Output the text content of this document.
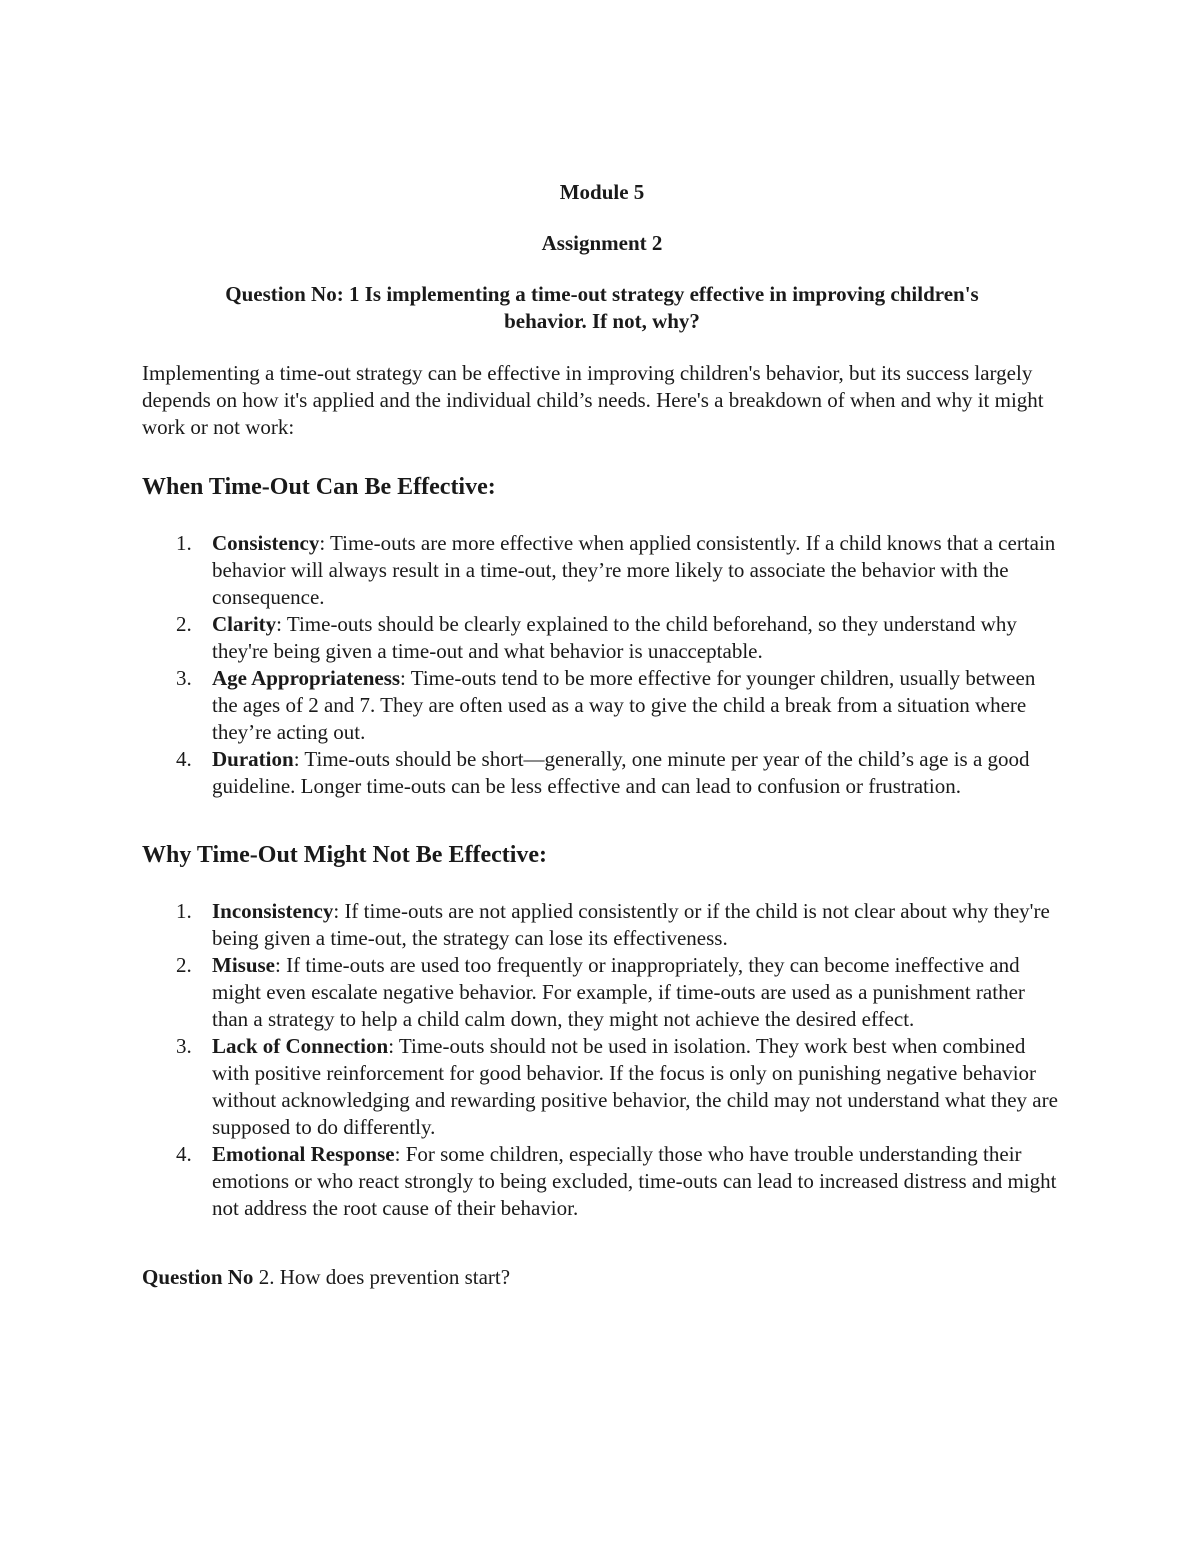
Module 5

Assignment 2

Question No: 1 Is implementing a time-out strategy effective in improving children's
behavior. If not, why?

Implementing a time-out strategy can be effective in improving children's behavior, but its success largely depends on how it's applied and the individual child’s needs. Here's a breakdown of when and why it might work or not work:

When Time-Out Can Be Effective:
1. Consistency: Time-outs are more effective when applied consistently. If a child knows that a certain behavior will always result in a time-out, they’re more likely to associate the behavior with the consequence.
2. Clarity: Time-outs should be clearly explained to the child beforehand, so they understand why they're being given a time-out and what behavior is unacceptable.
3. Age Appropriateness: Time-outs tend to be more effective for younger children, usually between the ages of 2 and 7. They are often used as a way to give the child a break from a situation where they’re acting out.
4. Duration: Time-outs should be short—generally, one minute per year of the child’s age is a good guideline. Longer time-outs can be less effective and can lead to confusion or frustration.
Why Time-Out Might Not Be Effective:
1. Inconsistency: If time-outs are not applied consistently or if the child is not clear about why they're being given a time-out, the strategy can lose its effectiveness.
2. Misuse: If time-outs are used too frequently or inappropriately, they can become ineffective and might even escalate negative behavior. For example, if time-outs are used as a punishment rather than a strategy to help a child calm down, they might not achieve the desired effect.
3. Lack of Connection: Time-outs should not be used in isolation. They work best when combined with positive reinforcement for good behavior. If the focus is only on punishing negative behavior without acknowledging and rewarding positive behavior, the child may not understand what they are supposed to do differently.
4. Emotional Response: For some children, especially those who have trouble understanding their emotions or who react strongly to being excluded, time-outs can lead to increased distress and might not address the root cause of their behavior.

Question No 2. How does prevention start?
